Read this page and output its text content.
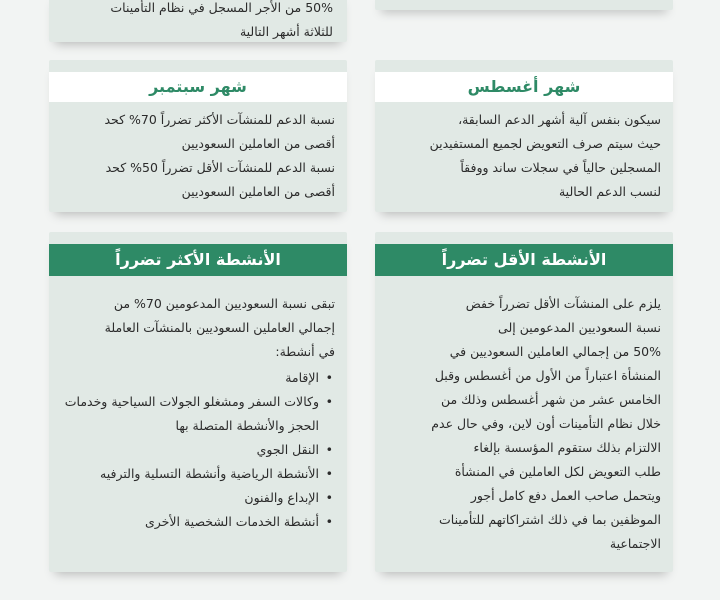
50% من الأجر المسجل في نظام التأمينات
للثلاثة أشهر التالية
شهر سبتمبر
نسبة الدعم للمنشآت الأكثر تضرراً 70% كحد
أقصى من العاملين السعوديين
نسبة الدعم للمنشآت الأقل تضرراً 50% كحد
أقصى من العاملين السعوديين
شهر أغسطس
سيكون بنفس آلية أشهر الدعم السابقة،
حيث سيتم صرف التعويض لجميع المستفيدين
المسجلين حالياً في سجلات ساند ووفقاً
لنسب الدعم الحالية
الأنشطة الأكثر تضرراً
تبقى نسبة السعوديين المدعومين 70% من
إجمالي العاملين السعوديين بالمنشآت العاملة
في أنشطة:
• الإقامة
• وكالات السفر ومشغلو الجولات السياحية وخدمات الحجز والأنشطة المتصلة بها
• النقل الجوي
• الأنشطة الرياضية وأنشطة التسلية والترفيه
• الإبداع والفنون
• أنشطة الخدمات الشخصية الأخرى
الأنشطة الأقل تضرراً
يلزم على المنشآت الأقل تضرراً خفض
نسبة السعوديين المدعومين إلى
50% من إجمالي العاملين السعوديين في
المنشأة اعتباراً من الأول من أغسطس وقبل
الخامس عشر من شهر أغسطس وذلك من
خلال نظام التأمينات أون لاين، وفي حال عدم
الالتزام بذلك ستقوم المؤسسة بإلغاء
طلب التعويض لكل العاملين في المنشأة
ويتحمل صاحب العمل دفع كامل أجور
الموظفين بما في ذلك اشتراكاتهم للتأمينات
الاجتماعية
